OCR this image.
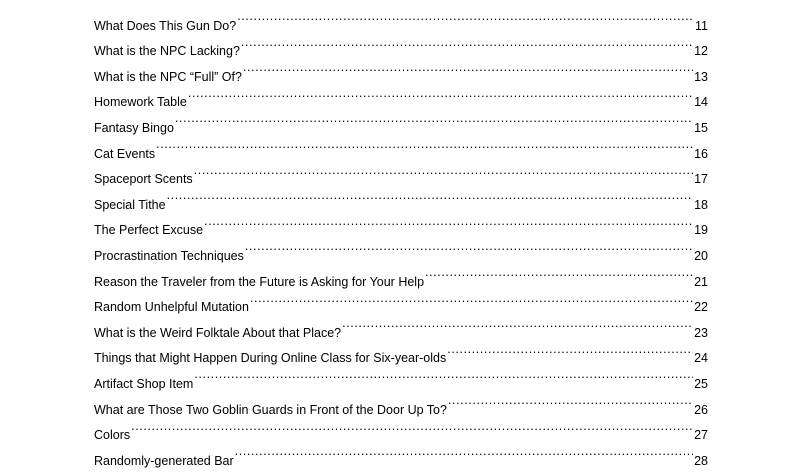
What Does This Gun Do? .....	11
What is the NPC Lacking? .....	12
What is the NPC “Full” Of? .....	13
Homework Table .....	14
Fantasy Bingo .....	15
Cat Events .....	16
Spaceport Scents .....	17
Special Tithe .....	18
The Perfect Excuse .....	19
Procrastination Techniques .....	20
Reason the Traveler from the Future is Asking for Your Help .....	21
Random Unhelpful Mutation .....	22
What is the Weird Folktale About that Place? .....	23
Things that Might Happen During Online Class for Six-year-olds .....	24
Artifact Shop Item .....	25
What are Those Two Goblin Guards in Front of the Door Up To? .....	26
Colors .....	27
Randomly-generated Bar .....	28
